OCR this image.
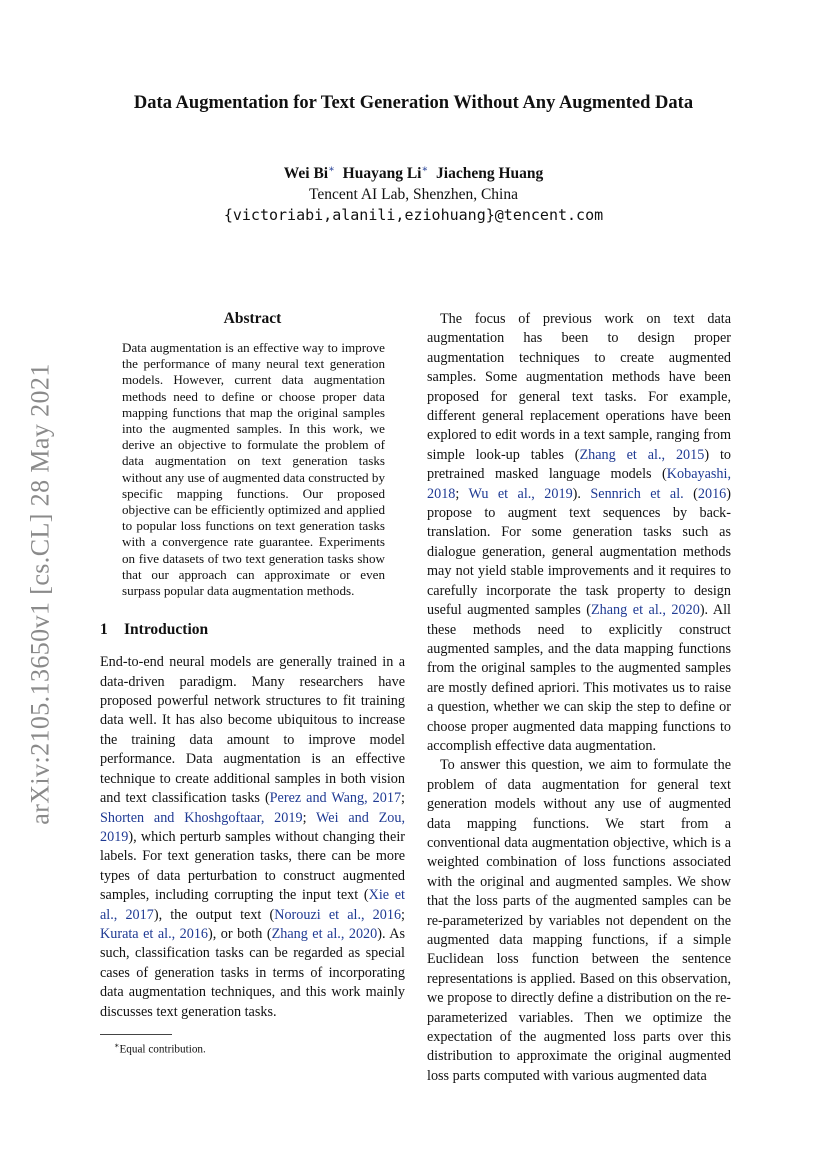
arXiv:2105.13650v1 [cs.CL] 28 May 2021
Data Augmentation for Text Generation Without Any Augmented Data
Wei Bi∗ Huayang Li∗ Jiacheng Huang
Tencent AI Lab, Shenzhen, China
{victoriabi,alanili,eziohuang}@tencent.com
Abstract

Data augmentation is an effective way to improve the performance of many neural text generation models. However, current data augmentation methods need to define or choose proper data mapping functions that map the original samples into the augmented samples. In this work, we derive an objective to formulate the problem of data augmentation on text generation tasks without any use of augmented data constructed by specific mapping functions. Our proposed objective can be efficiently optimized and applied to popular loss functions on text generation tasks with a convergence rate guarantee. Experiments on five datasets of two text generation tasks show that our approach can approximate or even surpass popular data augmentation methods.

1 Introduction

End-to-end neural models are generally trained in a data-driven paradigm. Many researchers have proposed powerful network structures to fit training data well. It has also become ubiquitous to increase the training data amount to improve model performance. Data augmentation is an effective technique to create additional samples in both vision and text classification tasks (Perez and Wang, 2017; Shorten and Khoshgoftaar, 2019; Wei and Zou, 2019), which perturb samples without changing their labels. For text generation tasks, there can be more types of data perturbation to construct augmented samples, including corrupting the input text (Xie et al., 2017), the output text (Norouzi et al., 2016; Kurata et al., 2016), or both (Zhang et al., 2020). As such, classification tasks can be regarded as special cases of generation tasks in terms of incorporating data augmentation techniques, and this work mainly discusses text generation tasks.

∗Equal contribution.

The focus of previous work on text data augmentation has been to design proper augmentation techniques to create augmented samples. Some augmentation methods have been proposed for general text tasks. For example, different general replacement operations have been explored to edit words in a text sample, ranging from simple look-up tables (Zhang et al., 2015) to pretrained masked language models (Kobayashi, 2018; Wu et al., 2019). Sennrich et al. (2016) propose to augment text sequences by back-translation. For some generation tasks such as dialogue generation, general augmentation methods may not yield stable improvements and it requires to carefully incorporate the task property to design useful augmented samples (Zhang et al., 2020). All these methods need to explicitly construct augmented samples, and the data mapping functions from the original samples to the augmented samples are mostly defined apriori. This motivates us to raise a question, whether we can skip the step to define or choose proper augmented data mapping functions to accomplish effective data augmentation.

To answer this question, we aim to formulate the problem of data augmentation for general text generation models without any use of augmented data mapping functions. We start from a conventional data augmentation objective, which is a weighted combination of loss functions associated with the original and augmented samples. We show that the loss parts of the augmented samples can be re-parameterized by variables not dependent on the augmented data mapping functions, if a simple Euclidean loss function between the sentence representations is applied. Based on this observation, we propose to directly define a distribution on the re-parameterized variables. Then we optimize the expectation of the augmented loss parts over this distribution to approximate the original augmented loss parts computed with various augmented data
